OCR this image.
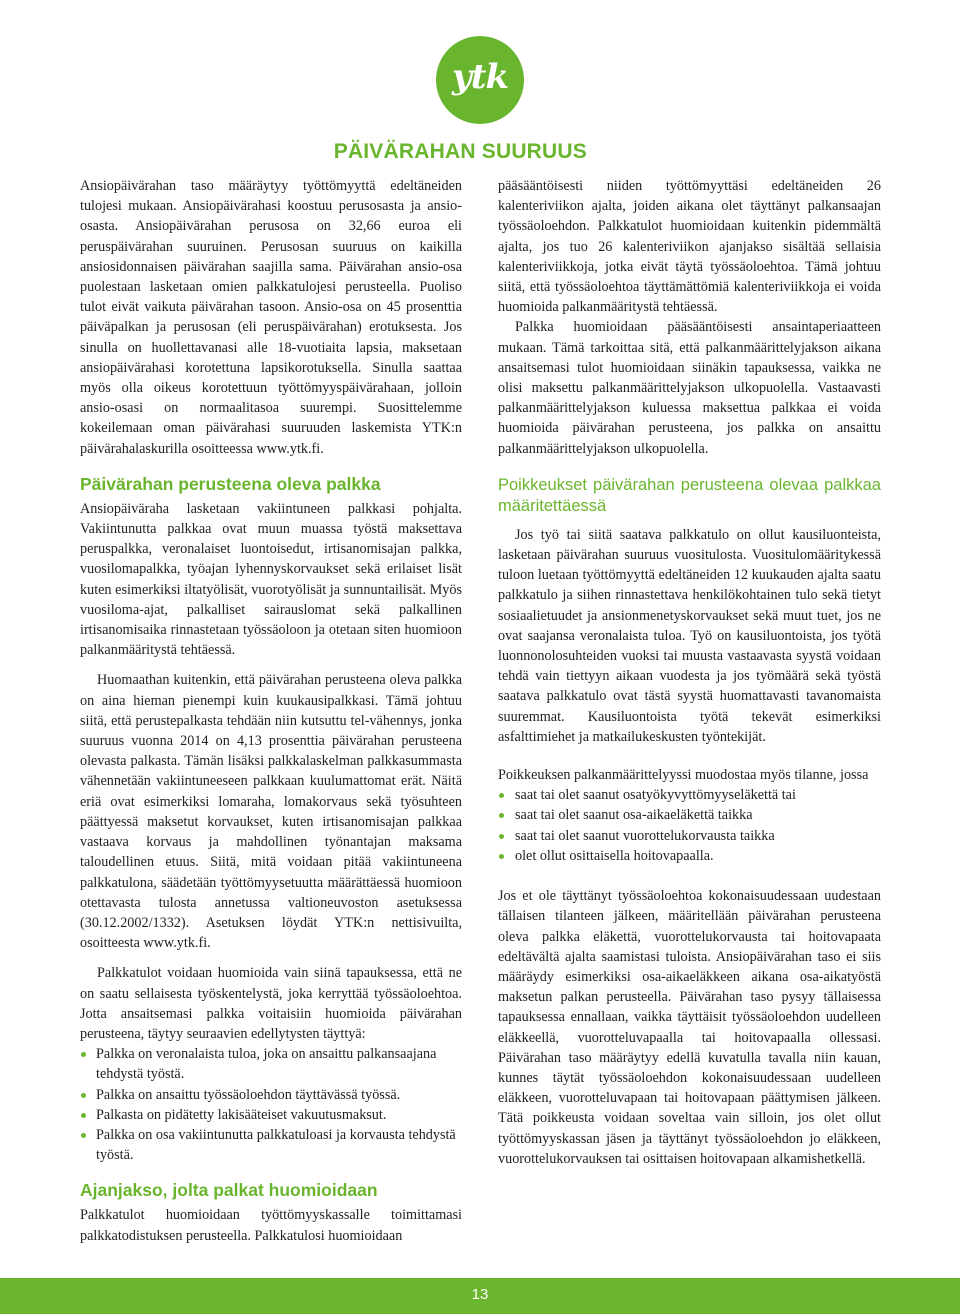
ytk
PÄIVÄRAHAN SUURUUS

Ansiopäivärahan taso määräytyy työttömyyttä edeltäneiden tulojesi mukaan. Ansiopäivärahasi koostuu perusosasta ja ansio-osasta. Ansiopäivärahan perusosa on 32,66 euroa eli peruspäivärahan suuruinen. Perusosan suuruus on kaikilla ansiosidonnaisen päivärahan saajilla sama. Päivärahan ansio-osa puolestaan lasketaan omien palkkatulojesi perusteella. Puoliso tulot eivät vaikuta päivärahan tasoon. Ansio-osa on 45 prosenttia päiväpalkan ja perusosan (eli peruspäivärahan) erotuksesta. Jos sinulla on huollettavanasi alle 18-vuotiaita lapsia, maksetaan ansiopäivärahasi korotettuna lapsikorotuksella. Sinulla saattaa myös olla oikeus korotettuun työttömyyspäivärahaan, jolloin ansio-osasi on normaalitasoa suurempi. Suosittelemme kokeilemaan oman päivärahasi suuruuden laskemista YTK:n päivärahalaskurilla osoitteessa www.ytk.fi.

Päivärahan perusteena oleva palkka

Ansiopäiväraha lasketaan vakiintuneen palkkasi pohjalta. Vakiintunutta palkkaa ovat muun muassa työstä maksettava peruspalkka, veronalaiset luontoisedut, irtisanomisajan palkka, vuosilomapalkka, työajan lyhennyskorvaukset sekä erilaiset lisät kuten esimerkiksi iltatyölisät, vuorotyölisät ja sunnuntailisät. Myös vuosiloma-ajat, palkalliset sairauslomat sekä palkallinen irtisanomisaika rinnastetaan työssäoloon ja otetaan siten huomioon palkanmääritystä tehtäessä.

Huomaathan kuitenkin, että päivärahan perusteena oleva palkka on aina hieman pienempi kuin kuukausipalkkasi. Tämä johtuu siitä, että perustepalkasta tehdään niin kutsuttu tel-vähennys, jonka suuruus vuonna 2014 on 4,13 prosenttia päivärahan perusteena olevasta palkasta. Tämän lisäksi palkkalaskelman palkkasummasta vähennetään vakiintuneeseen palkkaan kuulumattomat erät. Näitä eriä ovat esimerkiksi lomaraha, lomakorvaus sekä työsuhteen päättyessä maksetut korvaukset, kuten irtisanomisajan palkkaa vastaava korvaus ja mahdollinen työnantajan maksama taloudellinen etuus. Siitä, mitä voidaan pitää vakiintuneena palkkatulona, säädetään työttömyysetuutta määrättäessä huomioon otettavasta tulosta annetussa valtioneuvoston asetuksessa (30.12.2002/1332). Asetuksen löydät YTK:n nettisivuilta, osoitteesta www.ytk.fi.

Palkkatulot voidaan huomioida vain siinä tapauksessa, että ne on saatu sellaisesta työskentelystä, joka kerryttää työssäoloehtoa. Jotta ansaitsemasi palkka voitaisiin huomioida päivärahan perusteena, täytyy seuraavien edellytysten täyttyä:

Palkka on veronalaista tuloa, joka on ansaittu palkansaajana tehdystä työstä.
Palkka on ansaittu työssäoloehdon täyttävässä työssä.
Palkasta on pidätetty lakisääteiset vakuutusmaksut.
Palkka on osa vakiintunutta palkkatuloasi ja korvausta tehdystä työstä.
Ajanjakso, jolta palkat huomioidaan

Palkkatulot huomioidaan työttömyyskassalle toimittamasi palkkatodistuksen perusteella. Palkkatulosi huomioidaan

pääsääntöisesti niiden työttömyyttäsi edeltäneiden 26 kalenteriviikon ajalta, joiden aikana olet täyttänyt palkansaajan työssäoloehdon. Palkkatulot huomioidaan kuitenkin pidemmältä ajalta, jos tuo 26 kalenteriviikon ajanjakso sisältää sellaisia kalenteriviikkoja, jotka eivät täytä työssäoloehtoa. Tämä johtuu siitä, että työssäoloehtoa täyttämättömiä kalenteriviikkoja ei voida huomioida palkanmääritystä tehtäessä.

Palkka huomioidaan pääsääntöisesti ansaintaperiaatteen mukaan. Tämä tarkoittaa sitä, että palkanmäärittelyjakson aikana ansaitsemasi tulot huomioidaan siinäkin tapauksessa, vaikka ne olisi maksettu palkanmäärittelyjakson ulkopuolella. Vastaavasti palkanmäärittelyjakson kuluessa maksettua palkkaa ei voida huomioida päivärahan perusteena, jos palkka on ansaittu palkanmäärittelyjakson ulkopuolella.

Poikkeukset päivärahan perusteena olevaa palkkaa määritettäessä

Jos työ tai siitä saatava palkkatulo on ollut kausiluonteista, lasketaan päivärahan suuruus vuositulosta. Vuositulomääritykessä tuloon luetaan työttömyyttä edeltäneiden 12 kuukauden ajalta saatu palkkatulo ja siihen rinnastettava henkilökohtainen tulo sekä tietyt sosiaalietuudet ja ansionmenetyskorvaukset sekä muut tuet, jos ne ovat saajansa veronalaista tuloa. Työ on kausiluontoista, jos työtä luonnonolosuhteiden vuoksi tai muusta vastaavasta syystä voidaan tehdä vain tiettyyn aikaan vuodesta ja jos työmäärä sekä työstä saatava palkkatulo ovat tästä syystä huomattavasti tavanomaista suuremmat. Kausiluontoista työtä tekevät esimerkiksi asfalttimiehet ja matkailukeskusten työntekijät.

Poikkeuksen palkanmäärittelyyssi muodostaa myös tilanne, jossa

saat tai olet saanut osatyökyvyttömyyseläkettä tai
saat tai olet saanut osa-aikaeläkettä taikka
saat tai olet saanut vuorottelukorvausta taikka
olet ollut osittaisella hoitovapaalla.

Jos et ole täyttänyt työssäoloehtoa kokonaisuudessaan uudestaan tällaisen tilanteen jälkeen, määritellään päivärahan perusteena oleva palkka eläkettä, vuorottelukorvausta tai hoitovapaata edeltävältä ajalta saamistasi tuloista. Ansiopäivärahan taso ei siis määräydy esimerkiksi osa-aikaeläkkeen aikana osa-aikatyöstä maksetun palkan perusteella. Päivärahan taso pysyy tällaisessa tapauksessa ennallaan, vaikka täyttäisit työssäoloehdon uudelleen eläkkeellä, vuorotteluvapaalla tai hoitovapaalla ollessasi. Päivärahan taso määräytyy edellä kuvatulla tavalla niin kauan, kunnes täytät työssäoloehdon kokonaisuudessaan uudelleen eläkkeen, vuorotteluvapaan tai hoitovapaan päättymisen jälkeen. Tätä poikkeusta voidaan soveltaa vain silloin, jos olet ollut työttömyyskassan jäsen ja täyttänyt työssäoloehdon jo eläkkeen, vuorottelukorvauksen tai osittaisen hoitovapaan alkamishetkellä.

13
